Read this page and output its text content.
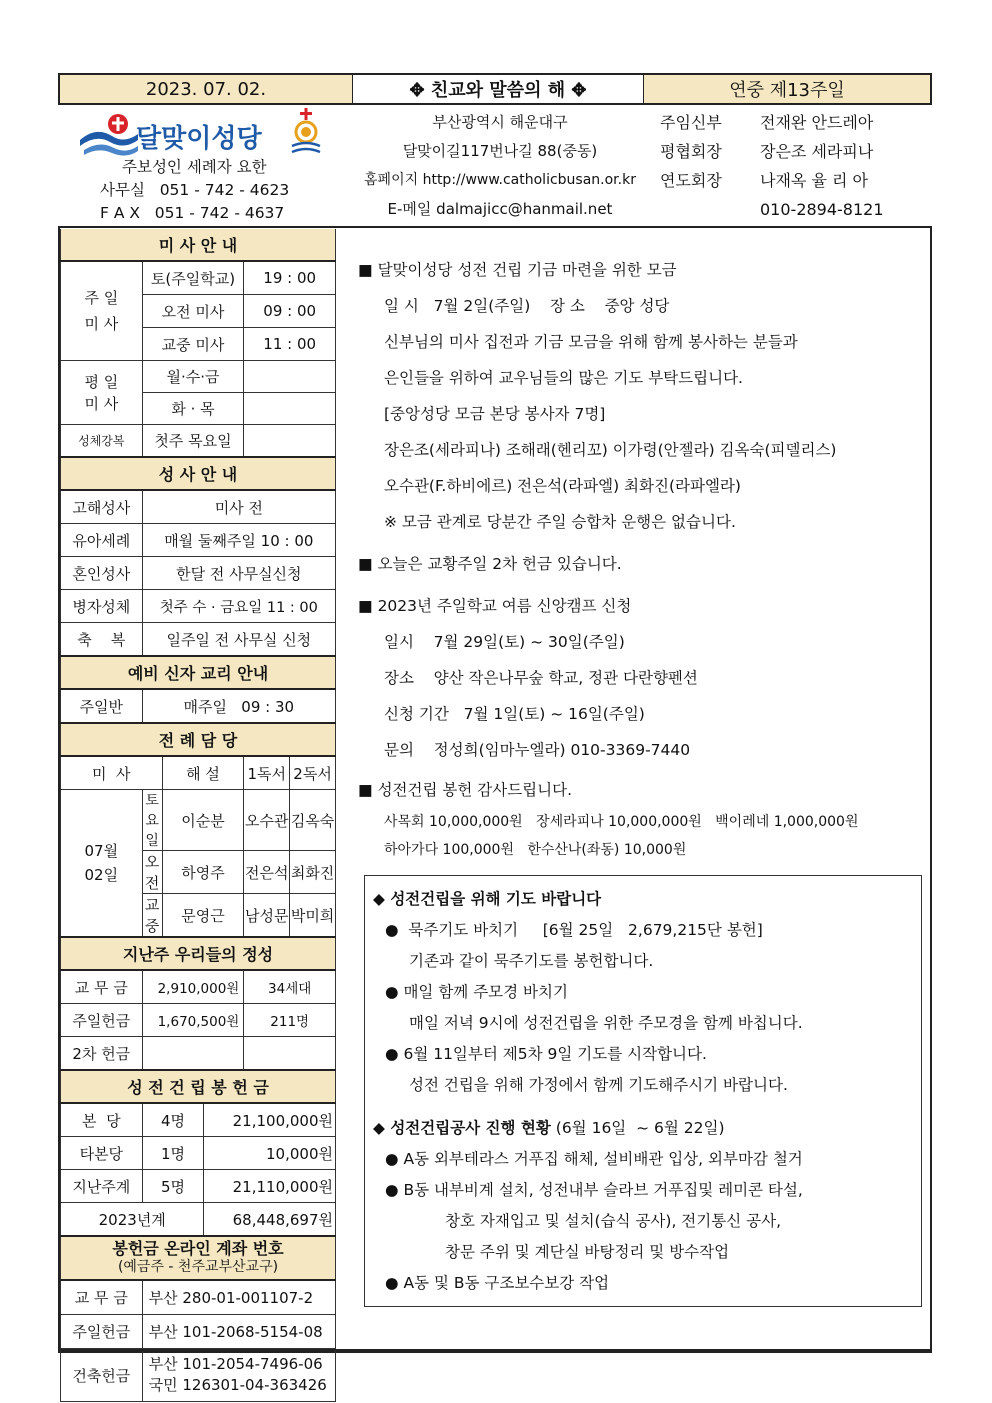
2023. 07. 02.	✥ 친교와 말씀의 해 ✥	연중 제13주일
달맞이성당
주보성인 세례자 요한
사무실   051 - 742 - 4623
F A X   051 - 742 - 4637
부산광역시 해운대구
달맞이길117번나길 88(중동)
홈페이지 http://www.catholicbusan.or.kr
E-메일 dalmajicc@hanmail.net
주임신부 전재완 안드레아
평협회장 장은조 세라피나
연도회장 나재옥 율 리 아
010-2894-8121
미 사 안 내					
주 일
미 사	토(주일학교)			19 : 00	
	오전 미사			09 : 00	
	교중 미사			11 : 00	
평 일
미 사	월·수·금				
	화 · 목				
성체강복	첫주 목요일				
성 사 안 내					
고해성사	미사 전				
유아세례	매월 둘째주일 10 : 00				
혼인성사	한달 전 사무실신청				
병자성체	첫주 수 · 금요일 11 : 00				
축    복	일주일 전 사무실 신청				
예비 신자 교리 안내					
주일반	매주일   09 : 30				
전 례 담 당					
미  사		해 설		1독서	2독서
07월
02일	토요일	이순분		오수관	김옥숙
	오전	하영주		전은석	최화진
	교중	문영근		남성문	박미희
지난주 우리들의 정성					
교 무 금	2,910,000원			34세대	
주일헌금	1,670,500원			211명	
2차 헌금					
성 전 건 립 봉 헌 금					
본  당	4명		21,100,000원		
타본당	1명		10,000원		
지난주계	5명		21,110,000원		
2023년계			68,448,697원		

봉헌금 온라인 계좌 번호
(예금주 - 천주교부산교구)					

교 무 금	부산 280-01-001107-2				
주일헌금	부산 101-2068-5154-08				
건축헌금	부산 101-2054-7496-06
국민 126301-04-363426				
■ 달맞이성당 성전 건립 기금 마련을 위한 모금
일 시   7월 2일(주일)    장 소    중앙 성당
신부님의 미사 집전과 기금 모금을 위해 함께 봉사하는 분들과
은인들을 위하여 교우님들의 많은 기도 부탁드립니다.
[중앙성당 모금 본당 봉사자 7명]
장은조(세라피나) 조해래(헨리꼬) 이가령(안젤라) 김옥숙(피델리스)
오수관(F.하비에르) 전은석(라파엘) 최화진(라파엘라)
※ 모금 관계로 당분간 주일 승합차 운행은 없습니다.
■ 오늘은 교황주일 2차 헌금 있습니다.
■ 2023년 주일학교 여름 신앙캠프 신청
일시    7월 29일(토) ~ 30일(주일)
장소    양산 작은나무숲 학교, 정관 다란향펜션
신청 기간   7월 1일(토) ~ 16일(주일)
문의    정성희(임마누엘라) 010-3369-7440
■ 성전건립 봉헌 감사드립니다.
사목회 10,000,000원   장세라피나 10,000,000원   백이레네 1,000,000원
하아가다 100,000원   한수산나(좌동) 10,000원
◆ 성전건립을 위해 기도 바랍니다
●  묵주기도 바치기     [6월 25일   2,679,215단 봉헌]
기존과 같이 묵주기도를 봉헌합니다.
● 매일 함께 주모경 바치기
매일 저녁 9시에 성전건립을 위한 주모경을 함께 바칩니다.
● 6월 11일부터 제5차 9일 기도를 시작합니다.
성전 건립을 위해 가정에서 함께 기도해주시기 바랍니다.
◆ 성전건립공사 진행 현황 (6월 16일  ~ 6월 22일)
● A동 외부테라스 거푸집 해체, 설비배관 입상, 외부마감 철거
● B동 내부비계 설치, 성전내부 슬라브 거푸집및 레미콘 타설,
창호 자재입고 및 설치(습식 공사), 전기통신 공사,
창문 주위 및 계단실 바탕정리 및 방수작업
● A동 및 B동 구조보수보강 작업
